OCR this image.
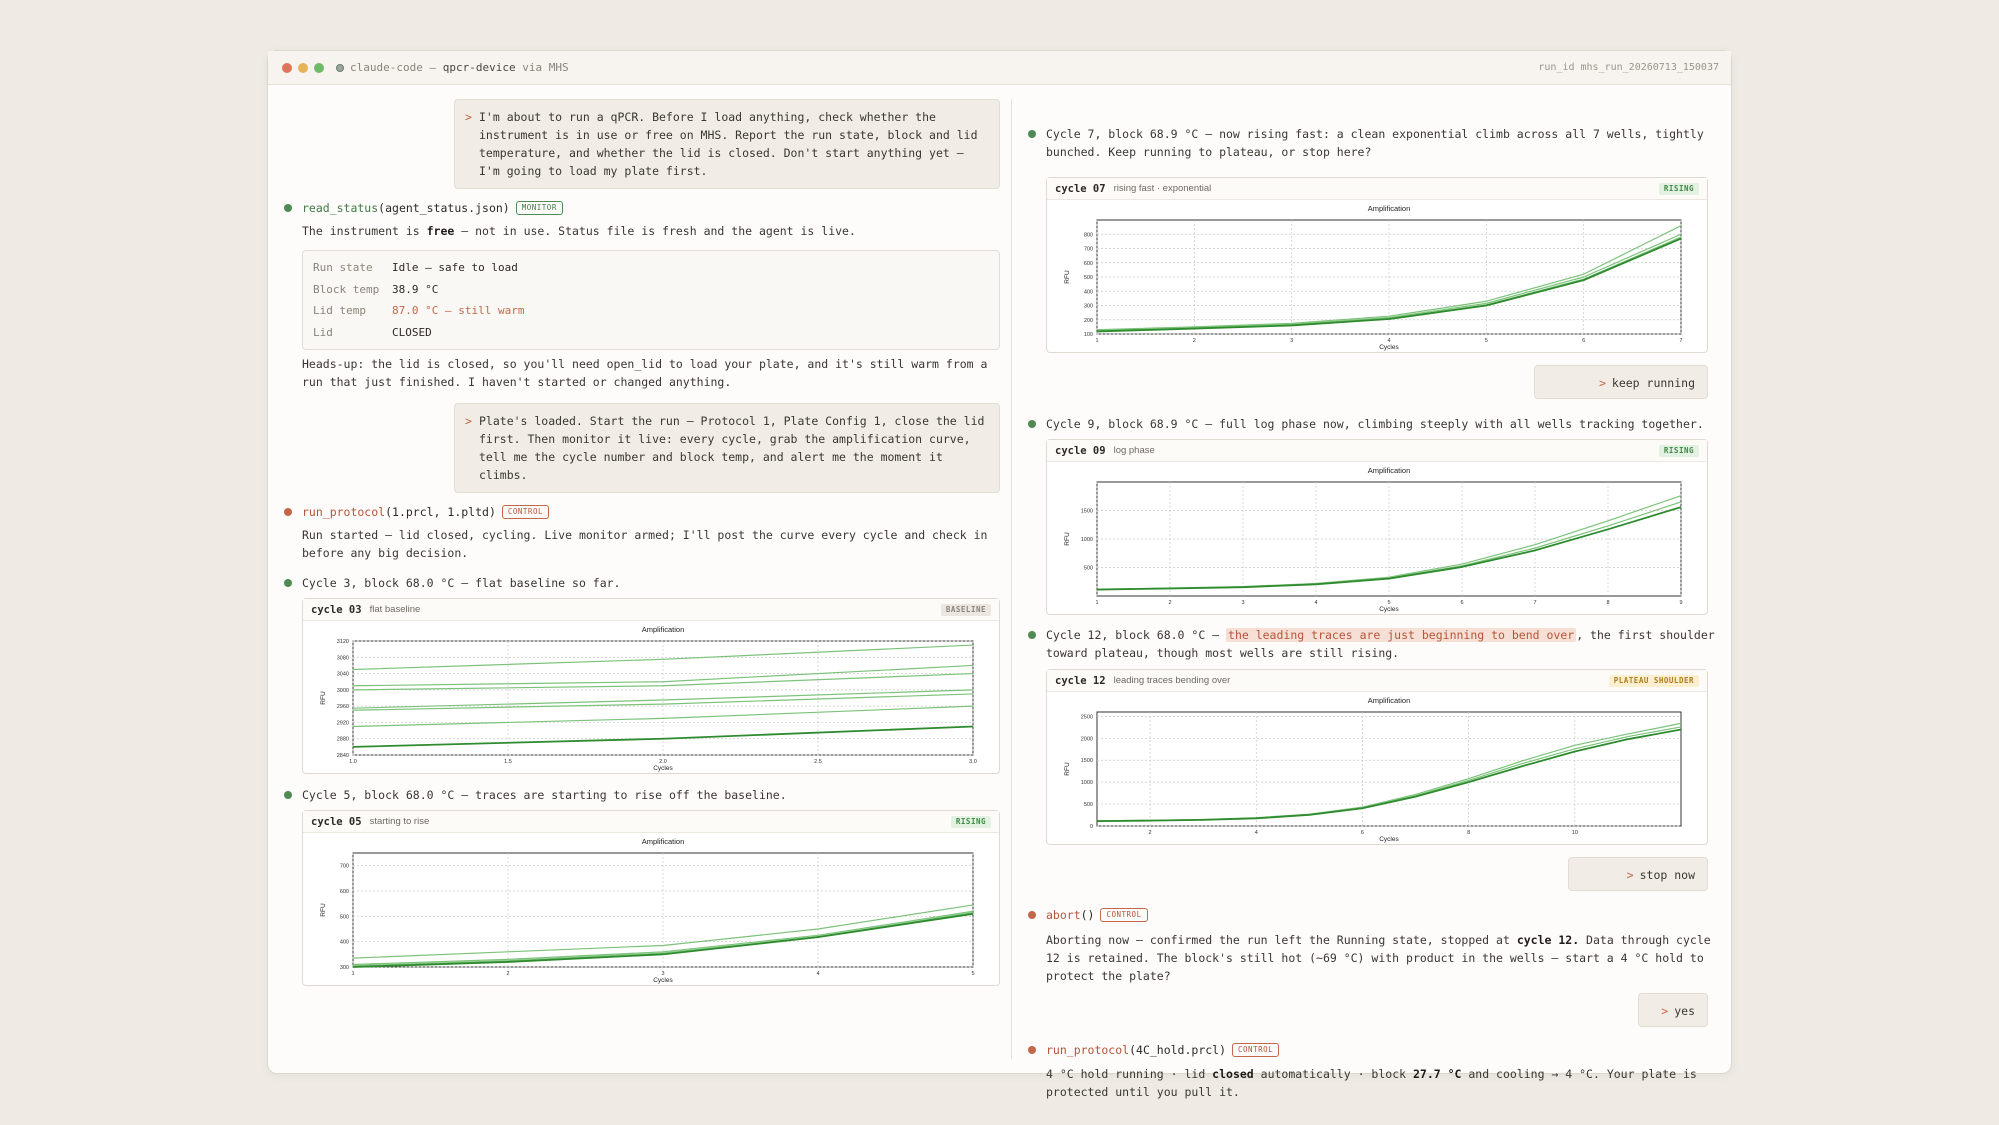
claude-code — qpcr-device via MHS	run_id mhs_run_20260713_150037
> I'm about to run a qPCR. Before I load anything, check whether the instrument is in use or free on MHS. Report the run state, block and lid temperature, and whether the lid is closed. Don't start anything yet — I'm going to load my plate first.
read_status (agent_status.json)	MONITOR
The instrument is free — not in use. Status file is fresh and the agent is live.
Run state	Idle — safe to load
Block temp	38.9 °C
Lid temp	87.0 °C — still warm
Lid	CLOSED
Heads-up: the lid is closed, so you'll need open_lid to load your plate, and it's still warm from a run that just finished. I haven't started or changed anything.
> Plate's loaded. Start the run — Protocol 1, Plate Config 1, close the lid first. Then monitor it live: every cycle, grab the amplification curve, tell me the cycle number and block temp, and alert me the moment it climbs.
run_protocol (1.prcl, 1.pltd)	CONTROL
Run started — lid closed, cycling. Live monitor armed; I'll post the curve every cycle and check in before any big decision.
Cycle 3, block 68.0 °C — flat baseline so far.
cycle 03 flat baseline	BASELINE
Amplification
1.0	1.5	2.0	2.5	3.0
2840
2880
2920
2960
3000
3040
3080
3120
Cycles
RFU
Cycle 5, block 68.0 °C — traces are starting to rise off the baseline.
cycle 05 starting to rise	RISING
Amplification
1	2	3	4	5
300
400
500
600
700
Cycles
RFU
Cycle 7, block 68.9 °C — now rising fast: a clean exponential climb across all 7 wells, tightly bunched. Keep running to plateau, or stop here?
cycle 07 rising fast · exponential	RISING
Amplification
1	2	3	4	5	6	7
100
200
300
400
500
600
700
800
Cycles
RFU
> keep running
Cycle 9, block 68.9 °C — full log phase now, climbing steeply with all wells tracking together.
cycle 09 log phase	RISING
Amplification
1	2	3	4	5	6	7	8	9
500
1000
1500
Cycles
RFU
Cycle 12, block 68.0 °C — the leading traces are just beginning to bend over , the first shoulder toward plateau, though most wells are still rising.
cycle 12 leading traces bending over	PLATEAU SHOULDER
Amplification
2	4	6	8	10
0
500
1000
1500
2000
2500
Cycles
RFU
> stop now
abort ()	CONTROL
Aborting now — confirmed the run left the Running state, stopped at cycle 12. Data through cycle 12 is retained. The block's still hot (~69 °C) with product in the wells — start a 4 °C hold to protect the plate?
> yes
run_protocol (4C_hold.prcl)	CONTROL
4 °C hold running · lid closed automatically · block 27.7 °C and cooling → 4 °C. Your plate is protected until you pull it.
